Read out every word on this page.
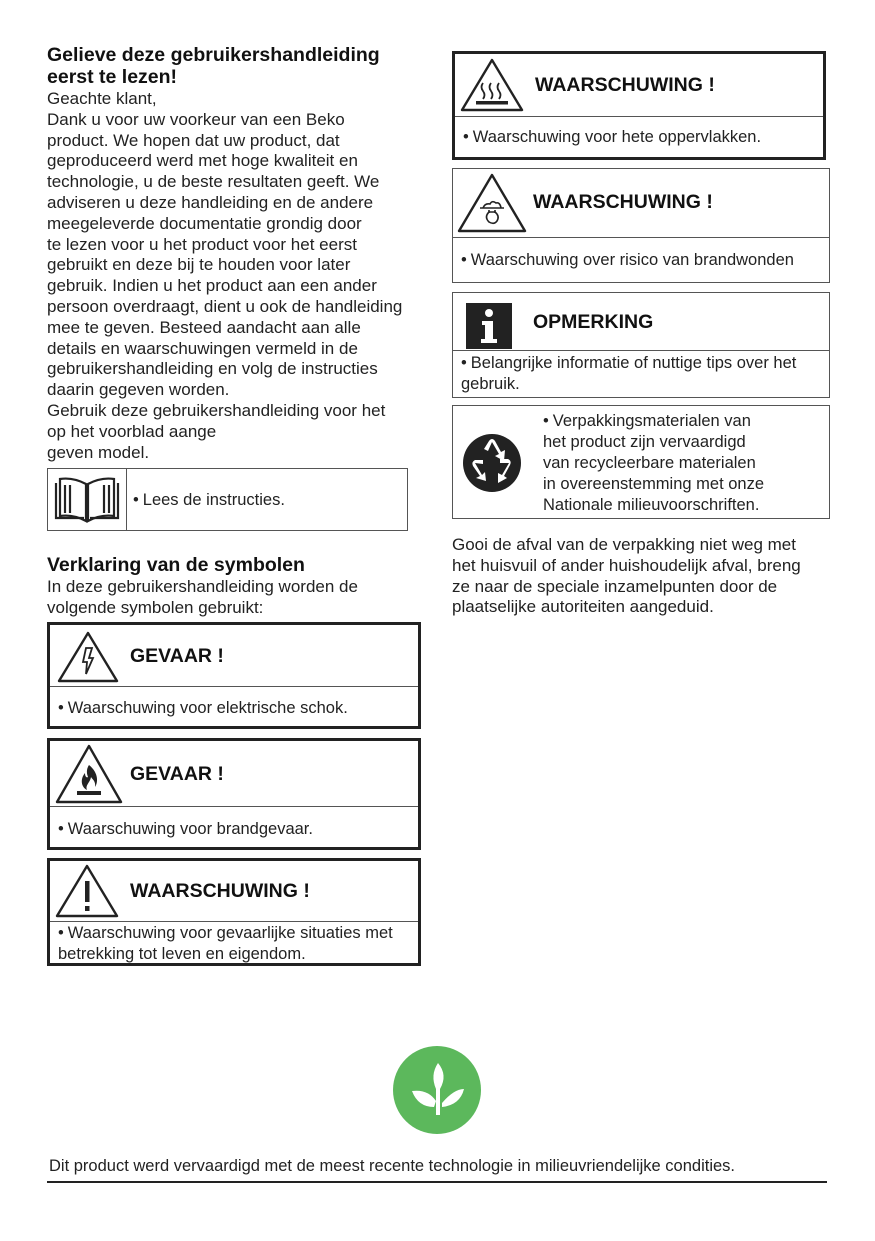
Gelieve deze gebruikershandleiding
eerst te lezen!
Geachte klant,
Dank u voor uw voorkeur van een Beko
product. We hopen dat uw product, dat
geproduceerd werd met hoge kwaliteit en
technologie, u de beste resultaten geeft. We
adviseren u deze handleiding en de andere
meegeleverde documentatie grondig door
te lezen voor u het product voor het eerst
gebruikt en deze bij te houden voor later
gebruik. Indien u het product aan een ander
persoon overdraagt, dient u ook de handleiding
mee te geven. Besteed aandacht aan alle
details en waarschuwingen vermeld in de
gebruikershandleiding en volg de instructies
daarin gegeven worden.
Gebruik deze gebruikershandleiding voor het
op het voorblad aange
geven model.
• Lees de instructies.
Verklaring van de symbolen
In deze gebruikershandleiding worden de
volgende symbolen gebruikt:
GEVAAR !
• Waarschuwing voor elektrische schok.
GEVAAR !
• Waarschuwing voor brandgevaar.
WAARSCHUWING !
• Waarschuwing voor gevaarlijke situaties met
betrekking tot leven en eigendom.
WAARSCHUWING !
• Waarschuwing voor hete oppervlakken.
WAARSCHUWING !
• Waarschuwing over risico van brandwonden
OPMERKING
• Belangrijke informatie of nuttige tips over het
gebruik.
• Verpakkingsmaterialen van
het product zijn vervaardigd
van recycleerbare materialen
in overeenstemming met onze
Nationale milieuvoorschriften.
Gooi de afval van de verpakking niet weg met
het huisvuil of ander huishoudelijk afval, breng
ze naar de speciale inzamelpunten door de
plaatselijke autoriteiten aangeduid.
Dit product werd vervaardigd met de meest recente technologie in milieuvriendelijke condities.
